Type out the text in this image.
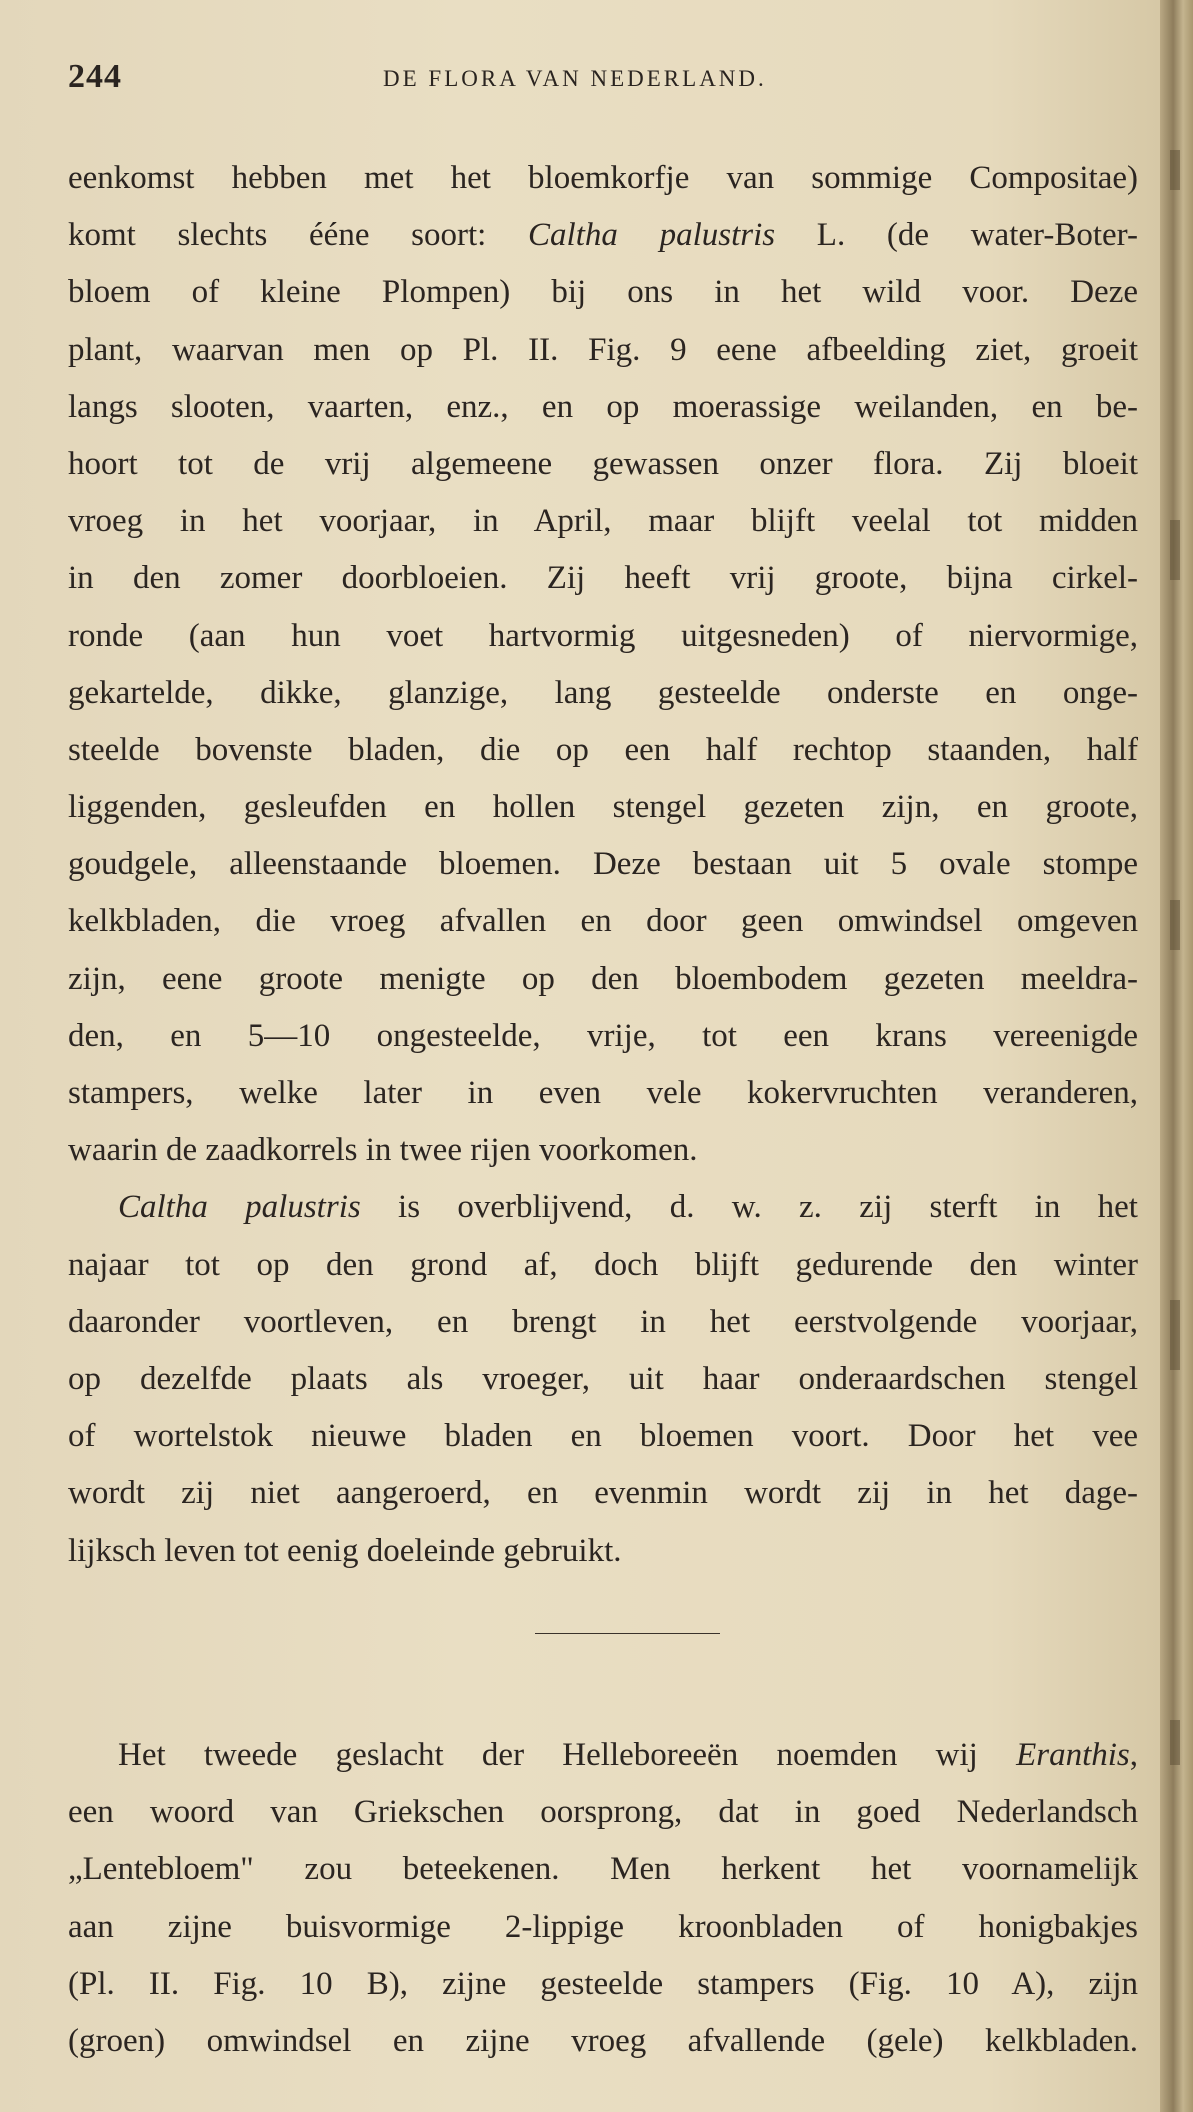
244	DE FLORA VAN NEDERLAND.
eenkomst hebben met het bloemkorfje van sommige Compositae)
komt slechts ééne soort: Caltha palustris L. (de water-Boter-
bloem of kleine Plompen) bij ons in het wild voor. Deze
plant, waarvan men op Pl. II. Fig. 9 eene afbeelding ziet, groeit
langs slooten, vaarten, enz., en op moerassige weilanden, en be-
hoort tot de vrij algemeene gewassen onzer flora. Zij bloeit
vroeg in het voorjaar, in April, maar blijft veelal tot midden
in den zomer doorbloeien. Zij heeft vrij groote, bijna cirkel-
ronde (aan hun voet hartvormig uitgesneden) of niervormige,
gekartelde, dikke, glanzige, lang gesteelde onderste en onge-
steelde bovenste bladen, die op een half rechtop staanden, half
liggenden, gesleufden en hollen stengel gezeten zijn, en groote,
goudgele, alleenstaande bloemen. Deze bestaan uit 5 ovale stompe
kelkbladen, die vroeg afvallen en door geen omwindsel omgeven
zijn, eene groote menigte op den bloembodem gezeten meeldra-
den, en 5—10 ongesteelde, vrije, tot een krans vereenigde
stampers, welke later in even vele kokervruchten veranderen,
waarin de zaadkorrels in twee rijen voorkomen.
Caltha palustris is overblijvend, d. w. z. zij sterft in het
najaar tot op den grond af, doch blijft gedurende den winter
daaronder voortleven, en brengt in het eerstvolgende voorjaar,
op dezelfde plaats als vroeger, uit haar onderaardschen stengel
of wortelstok nieuwe bladen en bloemen voort. Door het vee
wordt zij niet aangeroerd, en evenmin wordt zij in het dage-
lijksch leven tot eenig doeleinde gebruikt.
Het tweede geslacht der Helleboreeën noemden wij Eranthis,
een woord van Griekschen oorsprong, dat in goed Nederlandsch
„Lentebloem" zou beteekenen. Men herkent het voornamelijk
aan zijne buisvormige 2-lippige kroonbladen of honigbakjes
(Pl. II. Fig. 10 B), zijne gesteelde stampers (Fig. 10 A), zijn
(groen) omwindsel en zijne vroeg afvallende (gele) kelkbladen.
